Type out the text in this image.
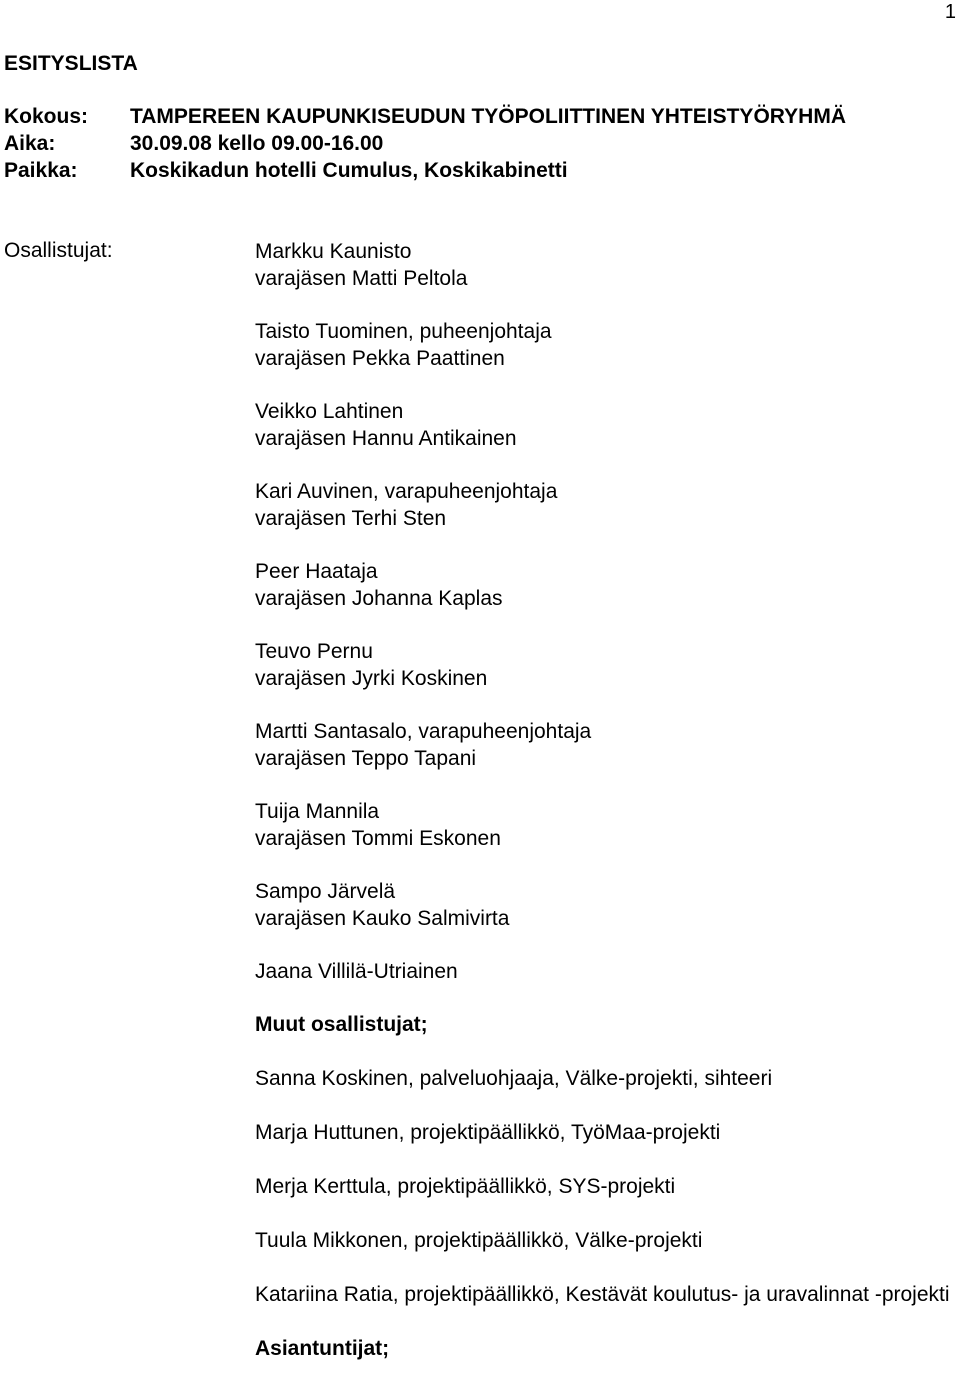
1
ESITYSLISTA
Kokous:	TAMPEREEN KAUPUNKISEUDUN TYÖPOLIITTINEN YHTEISTYÖRYHMÄ
Aika:	30.09.08 kello 09.00-16.00
Paikka:	Koskikadun hotelli Cumulus, Koskikabinetti
Osallistujat:	Markku Kaunisto
varajäsen Matti Peltola
Taisto Tuominen, puheenjohtaja
varajäsen Pekka Paattinen
Veikko Lahtinen
varajäsen Hannu Antikainen
Kari Auvinen, varapuheenjohtaja
varajäsen Terhi Sten
Peer Haataja
varajäsen Johanna Kaplas
Teuvo Pernu
varajäsen Jyrki Koskinen
Martti Santasalo, varapuheenjohtaja
varajäsen Teppo Tapani
Tuija Mannila
varajäsen Tommi Eskonen
Sampo Järvelä
varajäsen Kauko Salmivirta
Jaana Villilä-Utriainen
Muut osallistujat;
Sanna Koskinen, palveluohjaaja, Välke-projekti, sihteeri
Marja Huttunen, projektipäällikkö, TyöMaa-projekti
Merja Kerttula, projektipäällikkö, SYS-projekti
Tuula Mikkonen, projektipäällikkö, Välke-projekti
Katariina Ratia, projektipäällikkö, Kestävät koulutus- ja uravalinnat -projekti
Asiantuntijat;
